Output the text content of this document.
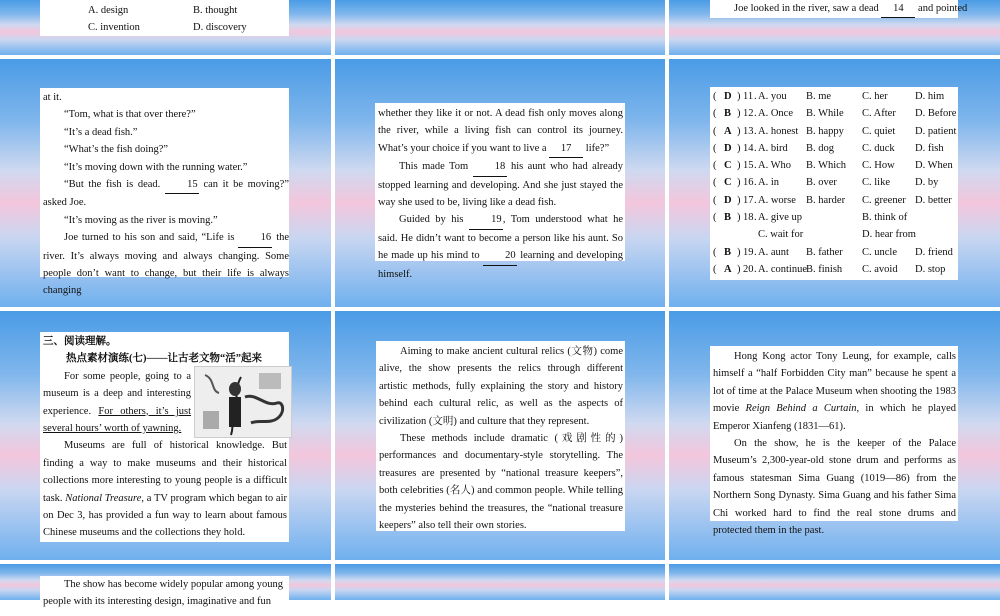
A. design	B. thought
C. invention	D. discovery

Joe looked in the river, saw a dead 14 and pointed

at it.

“Tom, what is that over there?”

“It’s a dead fish.”

“What’s the fish doing?”

“It’s moving down with the running water.”

“But the fish is dead.	15 can it be moving?” asked Joe.

“It’s moving as the river is moving.”

Joe turned to his son and said, “Life is 16 the river. It’s always moving and always changing. Some people don’t want to change, but their life is always changing

whether they like it or not. A dead fish only moves along the river, while a living fish can control its journey. What’s your choice if you want to live a 17 life?”

This made Tom	18 his aunt who had already stopped learning and developing. And she just stayed the way she used to be, living like a dead fish.

Guided by his	19, Tom understood what he said. He didn’t want to become a person like his aunt. So he made up his mind to 20 learning and developing himself.

( D ) 11 A. you B. me	C. her	D. him
.
( B ) 12 A. Once B. While C. After D. Before
.
( A ) 13 A. honest B. happy C. quiet D. patient
.
( D ) 14 A. bird B. dog	C. duck D. fish
.
( C ) 15 A. Who B. Which C. How D. When
.
( C ) 16 A. in	B. over C. like D. by
.
( D ) 17 A. worse B. harder C. greener D. better
.
( B ) 18 A. give up	B. think of
.
C. wait for	D. hear from
( B ) 19 A. aunt B. father C. uncle D. friend
.
( A ) 20 A. continue B. finish C. avoid D. stop
.

三、阅读理解。

热点素材演练(七)——让古老文物“活”起来

For some people, going to a museum is a deep and interesting experience. For others, it’s just several hours’ worth of yawning.

Museums are full of historical knowledge. But finding a way to make museums and their historical collections more interesting to young people is a difficult task. National Treasure, a TV program which began to air on Dec 3, has provided a fun way to learn about famous Chinese museums and the collections they hold.

Aiming to make ancient cultural relics (文物) come alive, the show presents the relics through different artistic methods, fully explaining the story and history behind each cultural relic, as well as the aspects of civilization (文明) and culture that they represent.

These methods include dramatic (戏剧性的) performances and documentary-style storytelling. The treasures are presented by “national treasure keepers”, both celebrities (名人) and common people. While telling the mysteries behind the treasures, the “national treasure keepers” also tell their own stories.

Hong Kong actor Tony Leung, for example, calls himself a “half Forbidden City man” because he spent a lot of time at the Palace Museum when shooting the 1983 movie Reign Behind a Curtain, in which he played Emperor Xianfeng (1831—61).

On the show, he is the keeper of the Palace Museum’s 2,300-year-old stone drum and performs as famous statesman Sima Guang (1019—86) from the Northern Song Dynasty. Sima Guang and his father Sima Chi worked hard to find the real stone drums and protected them in the past.

The show has become widely popular among young

people with its interesting design, imaginative and fun
